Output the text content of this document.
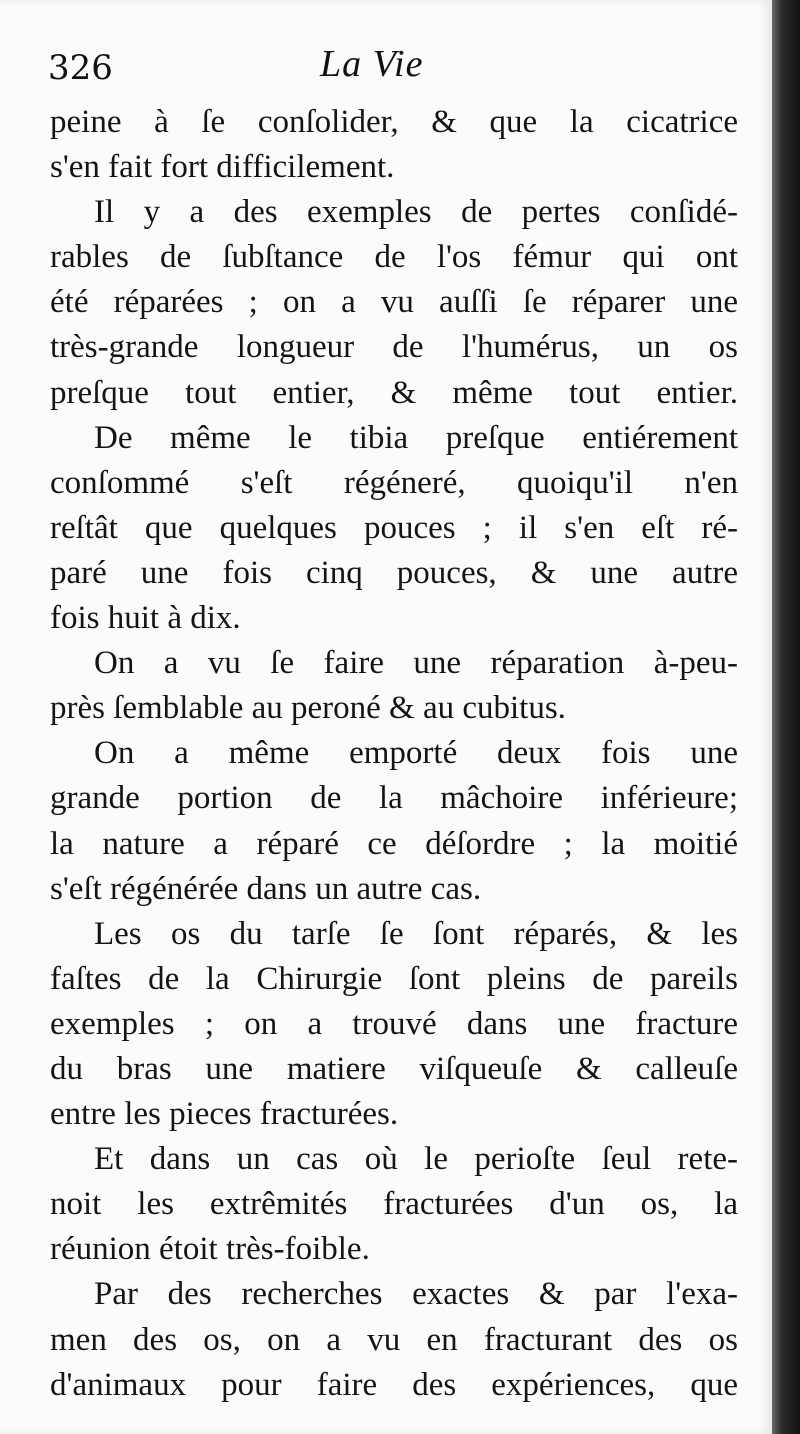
326	La Vie
peine à ſe conſolider, & que la cicatrice
s'en fait fort difficilement.
Il y a des exemples de pertes conſidé-
rables de ſubſtance de l'os fémur qui ont
été réparées ; on a vu auſſi ſe réparer une
très-grande longueur de l'humérus, un os
preſque tout entier, & même tout entier.
De même le tibia preſque entiérement
conſommé s'eſt régéneré, quoiqu'il n'en
reſtât que quelques pouces ; il s'en eſt ré-
paré une fois cinq pouces, & une autre
fois huit à dix.
On a vu ſe faire une réparation à-peu-
près ſemblable au peroné & au cubitus.
On a même emporté deux fois une
grande portion de la mâchoire inférieure;
la nature a réparé ce déſordre ; la moitié
s'eſt régénérée dans un autre cas.
Les os du tarſe ſe ſont réparés, & les
faſtes de la Chirurgie ſont pleins de pareils
exemples ; on a trouvé dans une fracture
du bras une matiere viſqueuſe & calleuſe
entre les pieces fracturées.
Et dans un cas où le perioſte ſeul rete-
noit les extrêmités fracturées d'un os, la
réunion étoit très-foible.
Par des recherches exactes & par l'exa-
men des os, on a vu en fracturant des os
d'animaux pour faire des expériences, que
